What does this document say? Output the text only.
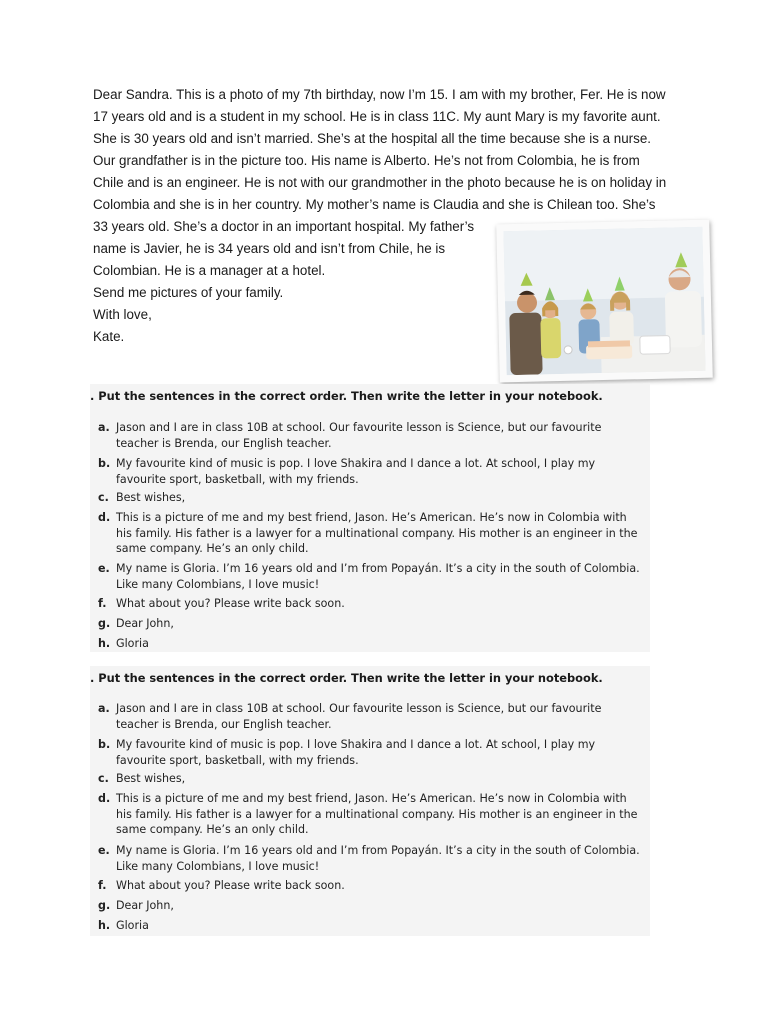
Dear Sandra. This is a photo of my 7th birthday, now I’m 15. I am with my brother, Fer. He is now
17 years old and is a student in my school. He is in class 11C. My aunt Mary is my favorite aunt.
She is 30 years old and isn’t married. She’s at the hospital all the time because she is a nurse.
Our grandfather is in the picture too. His name is Alberto. He’s not from Colombia, he is from
Chile and is an engineer. He is not with our grandmother in the photo because he is on holiday in
Colombia and she is in her country. My mother’s name is Claudia and she is Chilean too. She’s
33 years old. She’s a doctor in an important hospital. My father’s
name is Javier, he is 34 years old and isn’t from Chile, he is
Colombian. He is a manager at a hotel.
Send me pictures of your family.
With love,
Kate.
. Put the sentences in the correct order. Then write the letter in your notebook.
a. Jason and I are in class 10B at school. Our favourite lesson is Science, but our favourite teacher is Brenda, our English teacher.
b. My favourite kind of music is pop. I love Shakira and I dance a lot. At school, I play my favourite sport, basketball, with my friends.
c. Best wishes,
d. This is a picture of me and my best friend, Jason. He’s American. He’s now in Colombia with his family. His father is a lawyer for a multinational company. His mother is an engineer in the same company. He’s an only child.
e. My name is Gloria. I’m 16 years old and I’m from Popayán. It’s a city in the south of Colombia. Like many Colombians, I love music!
f. What about you? Please write back soon.
g. Dear John,
h. Gloria
. Put the sentences in the correct order. Then write the letter in your notebook.
a. Jason and I are in class 10B at school. Our favourite lesson is Science, but our favourite teacher is Brenda, our English teacher.
b. My favourite kind of music is pop. I love Shakira and I dance a lot. At school, I play my favourite sport, basketball, with my friends.
c. Best wishes,
d. This is a picture of me and my best friend, Jason. He’s American. He’s now in Colombia with his family. His father is a lawyer for a multinational company. His mother is an engineer in the same company. He’s an only child.
e. My name is Gloria. I’m 16 years old and I’m from Popayán. It’s a city in the south of Colombia. Like many Colombians, I love music!
f. What about you? Please write back soon.
g. Dear John,
h. Gloria
